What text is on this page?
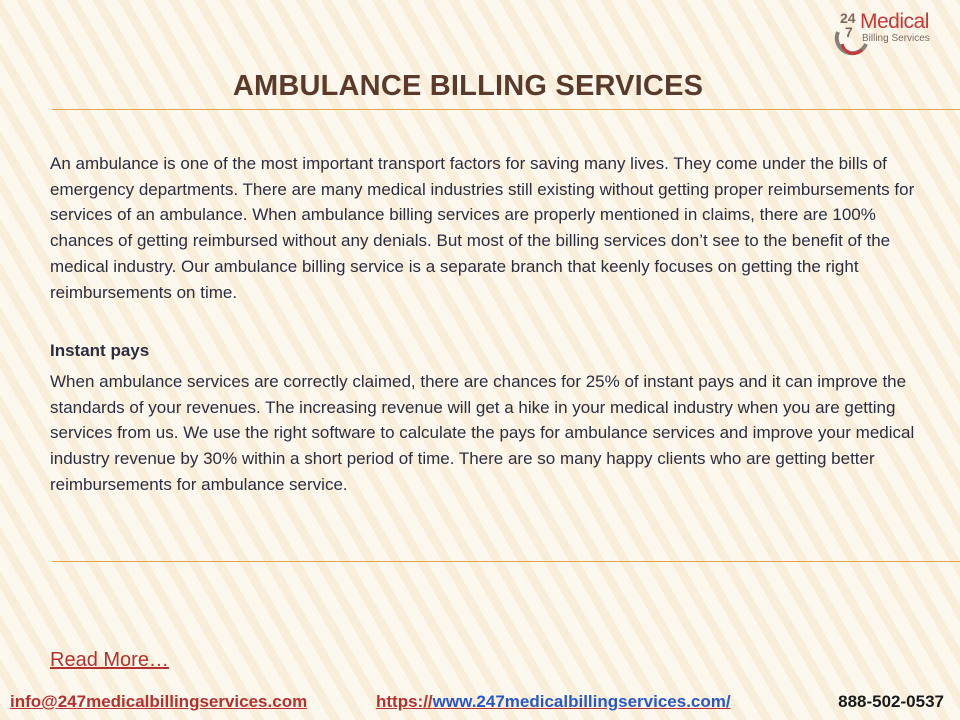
24
7 Medical
Billing Services
AMBULANCE BILLING SERVICES

An ambulance is one of the most important transport factors for saving many lives. They come under the bills of emergency departments. There are many medical industries still existing without getting proper reimbursements for services of an ambulance. When ambulance billing services are properly mentioned in claims, there are 100% chances of getting reimbursed without any denials. But most of the billing services don’t see to the benefit of the medical industry. Our ambulance billing service is a separate branch that keenly focuses on getting the right reimbursements on time.

Instant pays

When ambulance services are correctly claimed, there are chances for 25% of instant pays and it can improve the standards of your revenues. The increasing revenue will get a hike in your medical industry when you are getting services from us. We use the right software to calculate the pays for ambulance services and improve your medical industry revenue by 30% within a short period of time. There are so many happy clients who are getting better reimbursements for ambulance service.

Read More…
info@247medicalbillingservices.com	https://www.247medicalbillingservices.com/	888-502-0537
